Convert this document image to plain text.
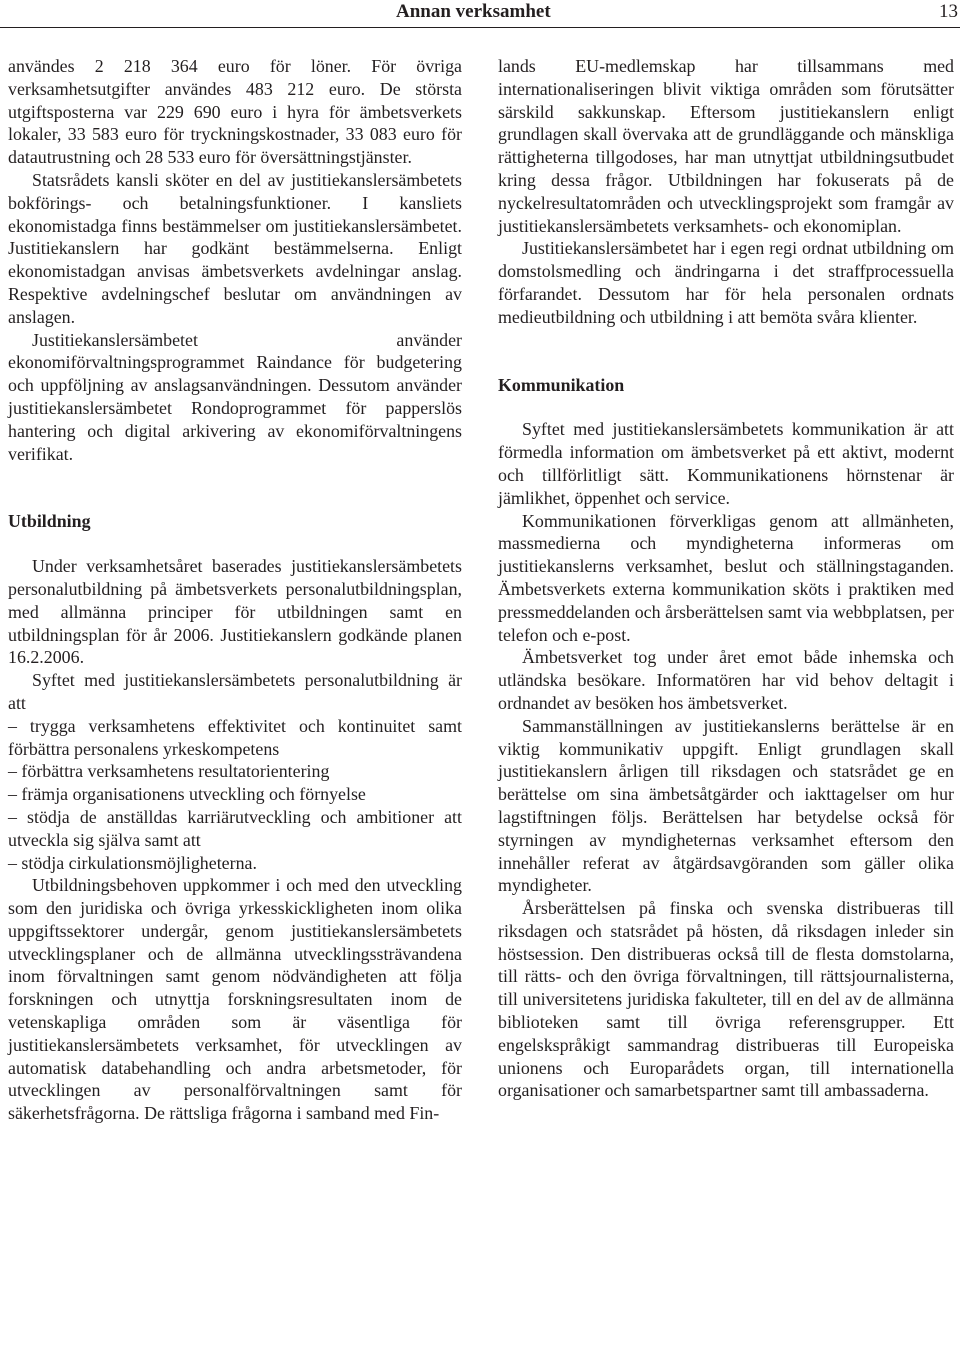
Annan verksamhet	13

användes 2 218 364 euro för löner. För övriga verksamhetsutgifter användes 483 212 euro. De största utgiftsposterna var 229 690 euro i hyra för ämbetsverkets lokaler, 33 583 euro för tryckningskostnader, 33 083 euro för datautrustning och 28 533 euro för översättningstjänster.

Statsrådets kansli sköter en del av justitiekanslersämbetets bokförings- och betalningsfunktioner. I kansliets ekonomistadga finns bestämmelser om justitiekanslersämbetet. Justitiekanslern har godkänt bestämmelserna. Enligt ekonomistadgan anvisas ämbetsverkets avdelningar anslag. Respektive avdelningschef beslutar om användningen av anslagen.

Justitiekanslersämbetet använder ekonomiförvaltningsprogrammet Raindance för budgetering och uppföljning av anslagsanvändningen. Dessutom använder justitiekanslersämbetet Rondoprogrammet för papperslös hantering och digital arkivering av ekonomiförvaltningens verifikat.

Utbildning

Under verksamhetsåret baserades justitiekanslersämbetets personalutbildning på ämbetsverkets personalutbildningsplan, med allmänna principer för utbildningen samt en utbildningsplan för år 2006. Justitiekanslern godkände planen 16.2.2006.

Syftet med justitiekanslersämbetets personalutbildning är att

– trygga verksamhetens effektivitet och kontinuitet samt förbättra personalens yrkeskompetens

– förbättra verksamhetens resultatorientering

– främja organisationens utveckling och förnyelse

– stödja de anställdas karriärutveckling och ambitioner att utveckla sig själva samt att

– stödja cirkulationsmöjligheterna.

Utbildningsbehoven uppkommer i och med den utveckling som den juridiska och övriga yrkesskickligheten inom olika uppgiftssektorer undergår, genom justitiekanslersämbetets utvecklingsplaner och de allmänna utvecklingssträvandena inom förvaltningen samt genom nödvändigheten att följa forskningen och utnyttja forskningsresultaten inom de vetenskapliga områden som är väsentliga för justitiekanslersämbetets verksamhet, för utvecklingen av automatisk databehandling och andra arbetsmetoder, för utvecklingen av personalförvaltningen samt för säkerhetsfrågorna. De rättsliga frågorna i samband med Fin-

lands EU-medlemskap har tillsammans med internationaliseringen blivit viktiga områden som förutsätter särskild sakkunskap. Eftersom justitiekanslern enligt grundlagen skall övervaka att de grundläggande och mänskliga rättigheterna tillgodoses, har man utnyttjat utbildningsutbudet kring dessa frågor. Utbildningen har fokuserats på de nyckelresultatområden och utvecklingsprojekt som framgår av justitiekanslersämbetets verksamhets- och ekonomiplan.

Justitiekanslersämbetet har i egen regi ordnat utbildning om domstolsmedling och ändringarna i det straffprocessuella förfarandet. Dessutom har för hela personalen ordnats medieutbildning och utbildning i att bemöta svåra klienter.

Kommunikation

Syftet med justitiekanslersämbetets kommunikation är att förmedla information om ämbetsverket på ett aktivt, modernt och tillförlitligt sätt. Kommunikationens hörnstenar är jämlikhet, öppenhet och service.

Kommunikationen förverkligas genom att allmänheten, massmedierna och myndigheterna informeras om justitiekanslerns verksamhet, beslut och ställningstaganden. Ämbetsverkets externa kommunikation sköts i praktiken med pressmeddelanden och årsberättelsen samt via webbplatsen, per telefon och e-post.

Ämbetsverket tog under året emot både inhemska och utländska besökare. Informatören har vid behov deltagit i ordnandet av besöken hos ämbetsverket.

Sammanställningen av justitiekanslerns berättelse är en viktig kommunikativ uppgift. Enligt grundlagen skall justitiekanslern årligen till riksdagen och statsrådet ge en berättelse om sina ämbetsåtgärder och iakttagelser om hur lagstiftningen följs. Berättelsen har betydelse också för styrningen av myndigheternas verksamhet eftersom den innehåller referat av åtgärdsavgöranden som gäller olika myndigheter.

Årsberättelsen på finska och svenska distribueras till riksdagen och statsrådet på hösten, då riksdagen inleder sin höstsession. Den distribueras också till de flesta domstolarna, till rätts- och den övriga förvaltningen, till rättsjournalisterna, till universitetens juridiska fakulteter, till en del av de allmänna biblioteken samt till övriga referensgrupper. Ett engelskspråkigt sammandrag distribueras till Europeiska unionens och Europarådets organ, till internationella organisationer och samarbetspartner samt till ambassaderna.
